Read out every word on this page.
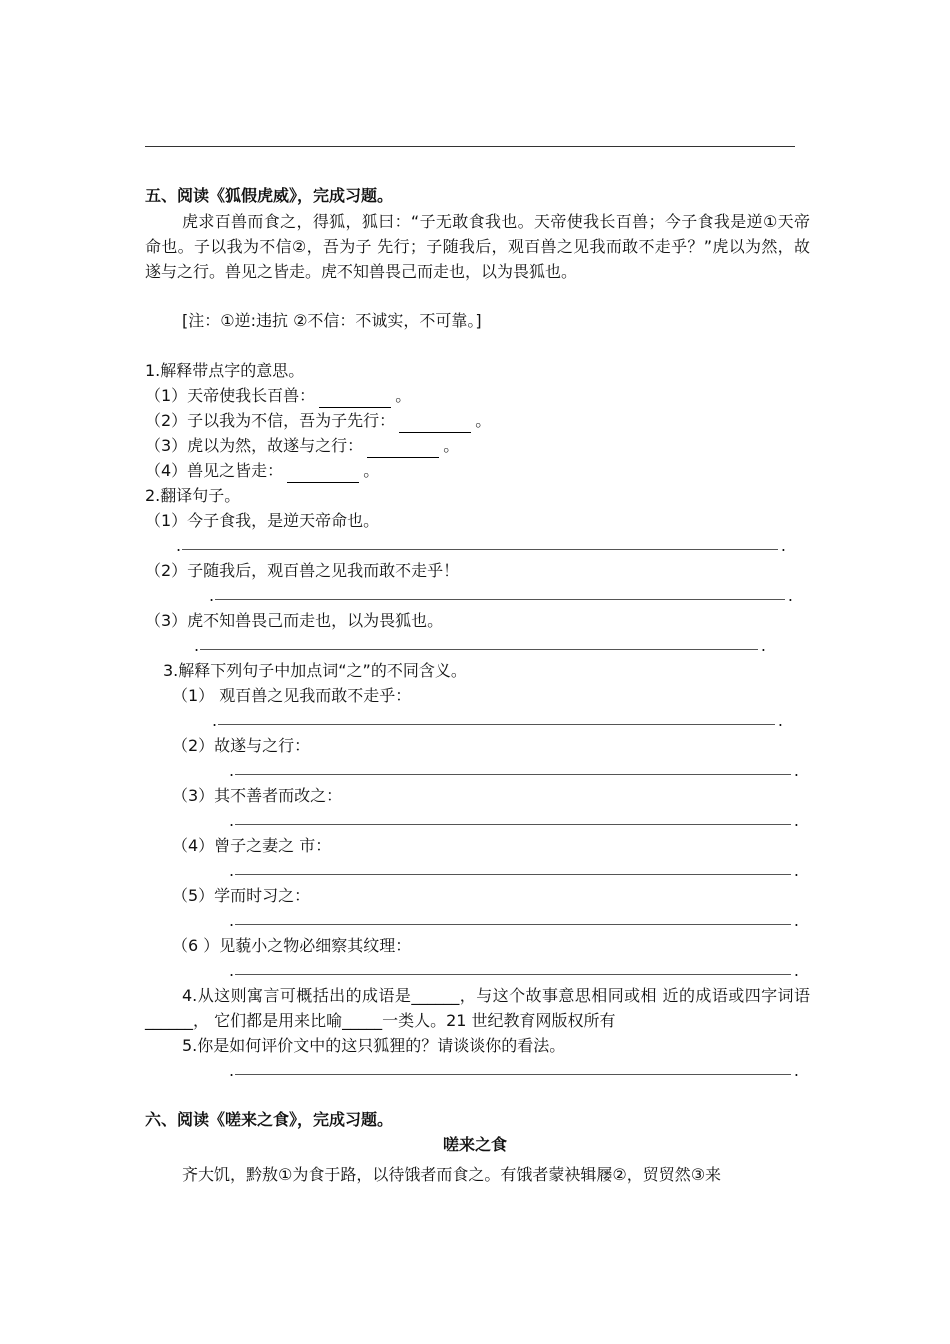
五、阅读《狐假虎威》，完成习题。
虎求百兽而食之，得狐，狐曰：“子无敢食我也。天帝使我长百兽；今子食我是逆①天帝命也。子以我为不信②，吾为子 先行；子随我后，观百兽之见我而敢不走乎？”虎以为然，故遂与之行。兽见之皆走。虎不知兽畏己而走也，以为畏狐也。
[注：①逆:违抗 ②不信：不诚实，不可靠。]
1.解释带点字的意思。
（1）天帝使我长百兽：	。
（2）子以我为不信，吾为子先行：	。
（3）虎以为然，故遂与之行：	。
（4）兽见之皆走：	。
2.翻译句子。
（1）今子食我，是逆天帝命也。
.	.
（2）子随我后，观百兽之见我而敢不走乎！
.	.
（3）虎不知兽畏己而走也，以为畏狐也。
.	.
3.解释下列句子中加点词“之”的不同含义。
（1） 观百兽之见我而敢不走乎：
.	.
（2）故遂与之行：
.	.
（3）其不善者而改之：
.	.
（4）曾子之妻之 市：
.	.
（5）学而时习之：
.	.
（6 ）见藐小之物必细察其纹理：
.	.
4.从这则寓言可概括出的成语是______，与这个故事意思相同或相 近的成语或四字词语______， 它们都是用来比喻_____一类人。21 世纪教育网版权所有
5.你是如何评价文中的这只狐狸的？请谈谈你的看法。
.	.
六、阅读《嗟来之食》，完成习题。
嗟来之食
齐大饥，黔敖①为食于路，以待饿者而食之。有饿者蒙袂辑屦②，贸贸然③来
